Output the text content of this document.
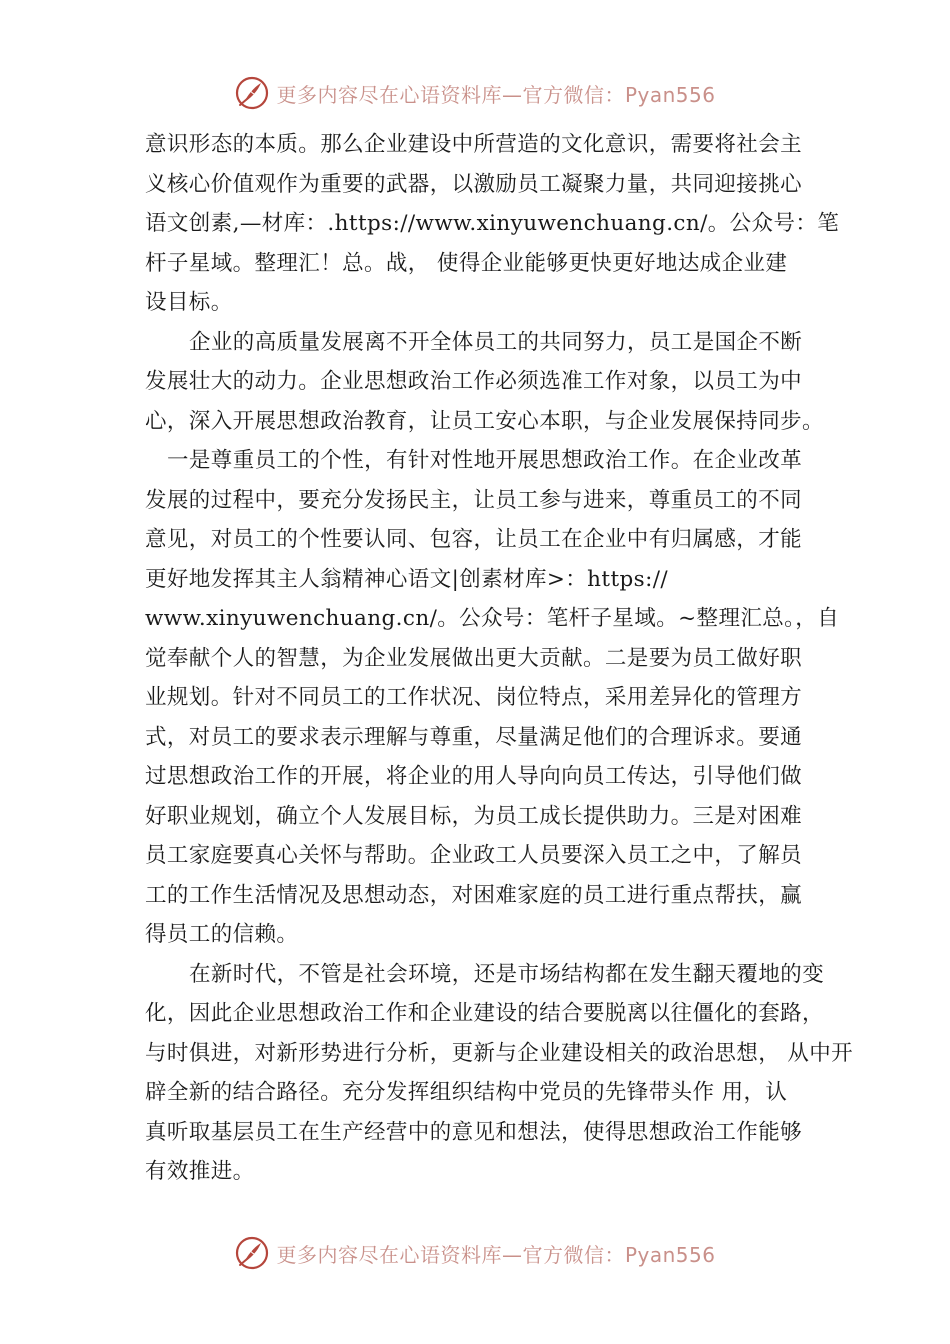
更多内容尽在心语资料库—官方微信：Pyan556
意识形态的本质。那么企业建设中所营造的文化意识，需要将社会主
义核心价值观作为重要的武器，以激励员工凝聚力量，共同迎接挑心
语文创素,—材库：.https://www.xinyuwenchuang.cn/。公众号：笔
杆子星域。整理汇！总。战， 使得企业能够更快更好地达成企业建
设目标。
企业的高质量发展离不开全体员工的共同努力，员工是国企不断
发展壮大的动力。企业思想政治工作必须选准工作对象，以员工为中
心，深入开展思想政治教育，让员工安心本职，与企业发展保持同步。
一是尊重员工的个性，有针对性地开展思想政治工作。在企业改革
发展的过程中，要充分发扬民主，让员工参与进来，尊重员工的不同
意见，对员工的个性要认同、包容，让员工在企业中有归属感，才能
更好地发挥其主人翁精神心语文|创素材库>：https://
www.xinyuwenchuang.cn/。公众号：笔杆子星域。~整理汇总。，自
觉奉献个人的智慧，为企业发展做出更大贡献。二是要为员工做好职
业规划。针对不同员工的工作状况、岗位特点，采用差异化的管理方
式，对员工的要求表示理解与尊重，尽量满足他们的合理诉求。要通
过思想政治工作的开展，将企业的用人导向向员工传达，引导他们做
好职业规划，确立个人发展目标，为员工成长提供助力。三是对困难
员工家庭要真心关怀与帮助。企业政工人员要深入员工之中，了解员
工的工作生活情况及思想动态，对困难家庭的员工进行重点帮扶，赢
得员工的信赖。
在新时代，不管是社会环境，还是市场结构都在发生翻天覆地的变
化，因此企业思想政治工作和企业建设的结合要脱离以往僵化的套路，
与时俱进，对新形势进行分析，更新与企业建设相关的政治思想， 从中开
辟全新的结合路径。充分发挥组织结构中党员的先锋带头作 用，认
真听取基层员工在生产经营中的意见和想法，使得思想政治工作能够
有效推进。
更多内容尽在心语资料库—官方微信：Pyan556
